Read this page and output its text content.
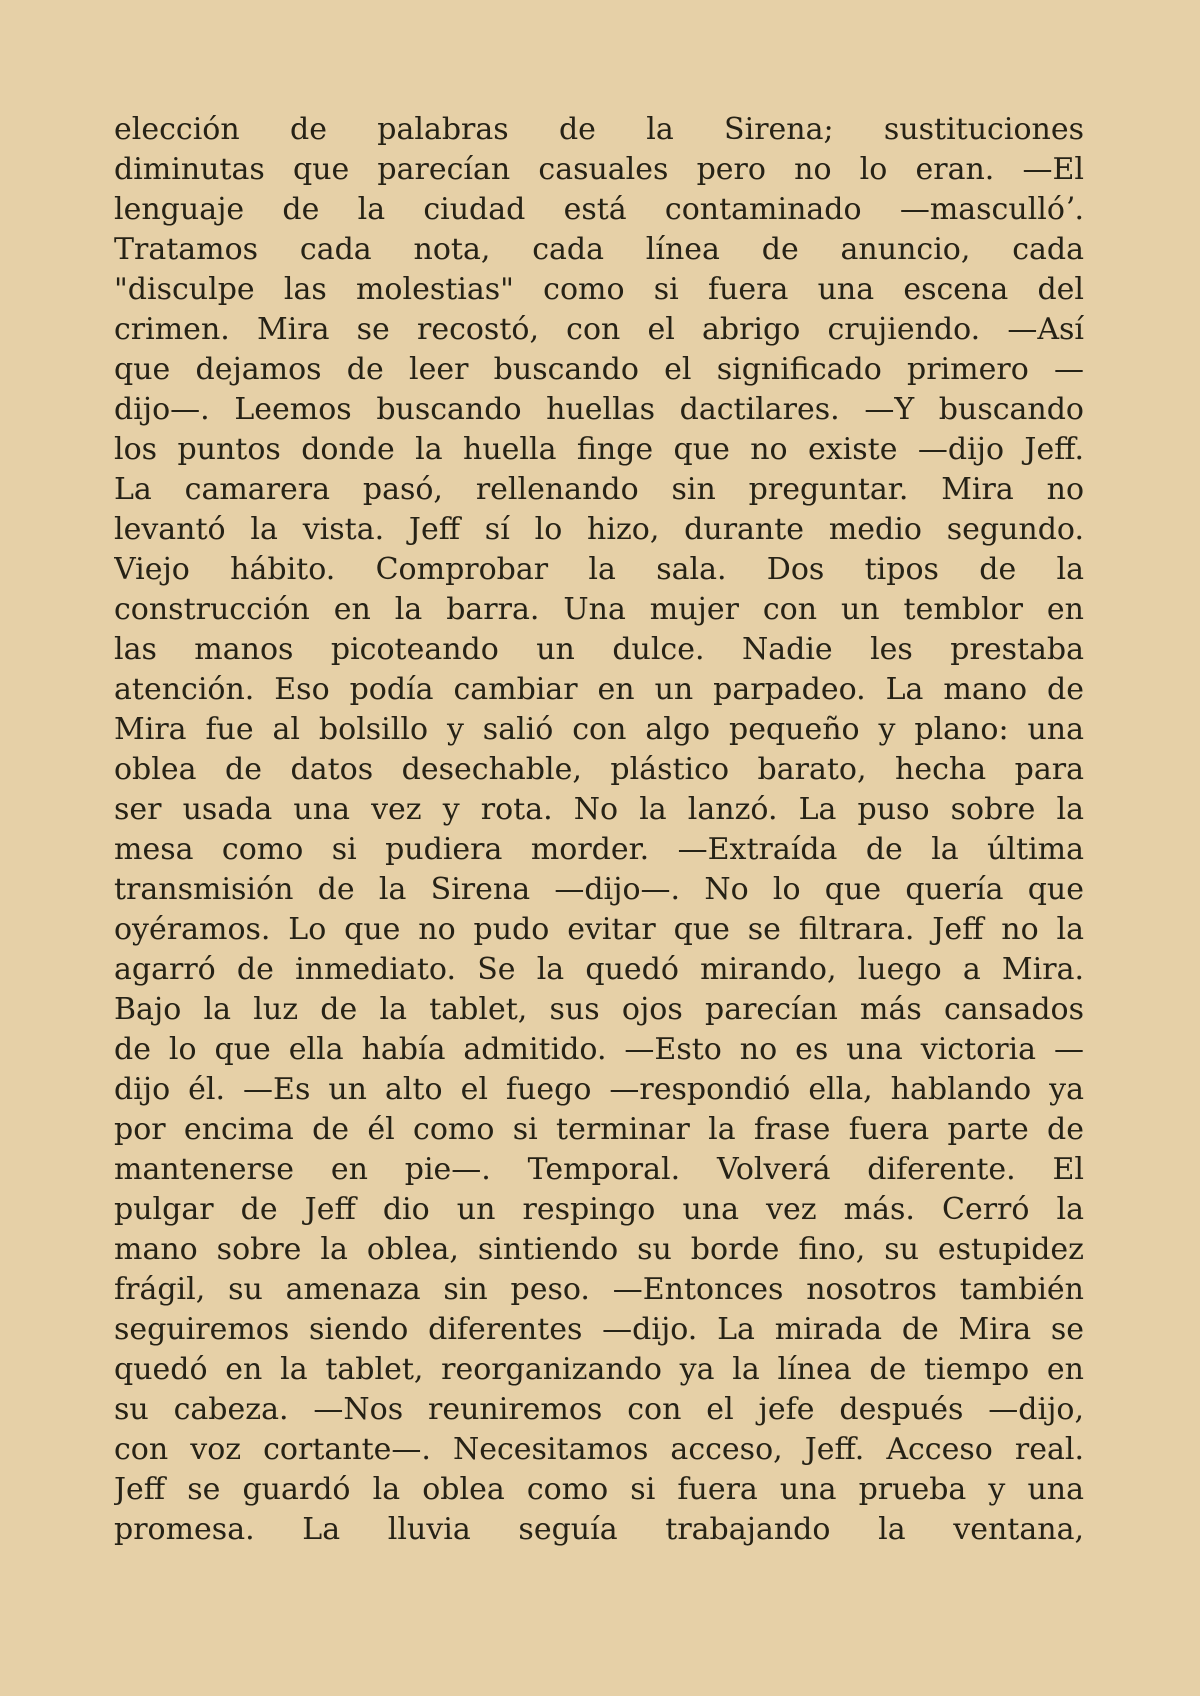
elección de palabras de la Sirena; sustituciones
diminutas que parecían casuales pero no lo eran. —El
lenguaje de la ciudad está contaminado —mascullóʼ.
Tratamos cada nota, cada línea de anuncio, cada
"disculpe las molestias" como si fuera una escena del
crimen. Mira se recostó, con el abrigo crujiendo. —Así
que dejamos de leer buscando el significado primero —
dijo—. Leemos buscando huellas dactilares. —Y buscando
los puntos donde la huella finge que no existe —dijo Jeff.
La camarera pasó, rellenando sin preguntar. Mira no
levantó la vista. Jeff sí lo hizo, durante medio segundo.
Viejo hábito. Comprobar la sala. Dos tipos de la
construcción en la barra. Una mujer con un temblor en
las manos picoteando un dulce. Nadie les prestaba
atención. Eso podía cambiar en un parpadeo. La mano de
Mira fue al bolsillo y salió con algo pequeño y plano: una
oblea de datos desechable, plástico barato, hecha para
ser usada una vez y rota. No la lanzó. La puso sobre la
mesa como si pudiera morder. —Extraída de la última
transmisión de la Sirena —dijo—. No lo que quería que
oyéramos. Lo que no pudo evitar que se filtrara. Jeff no la
agarró de inmediato. Se la quedó mirando, luego a Mira.
Bajo la luz de la tablet, sus ojos parecían más cansados
de lo que ella había admitido. —Esto no es una victoria —
dijo él. —Es un alto el fuego —respondió ella, hablando ya
por encima de él como si terminar la frase fuera parte de
mantenerse en pie—. Temporal. Volverá diferente. El
pulgar de Jeff dio un respingo una vez más. Cerró la
mano sobre la oblea, sintiendo su borde fino, su estupidez
frágil, su amenaza sin peso. —Entonces nosotros también
seguiremos siendo diferentes —dijo. La mirada de Mira se
quedó en la tablet, reorganizando ya la línea de tiempo en
su cabeza. —Nos reuniremos con el jefe después —dijo,
con voz cortante—. Necesitamos acceso, Jeff. Acceso real.
Jeff se guardó la oblea como si fuera una prueba y una
promesa. La lluvia seguía trabajando la ventana,
